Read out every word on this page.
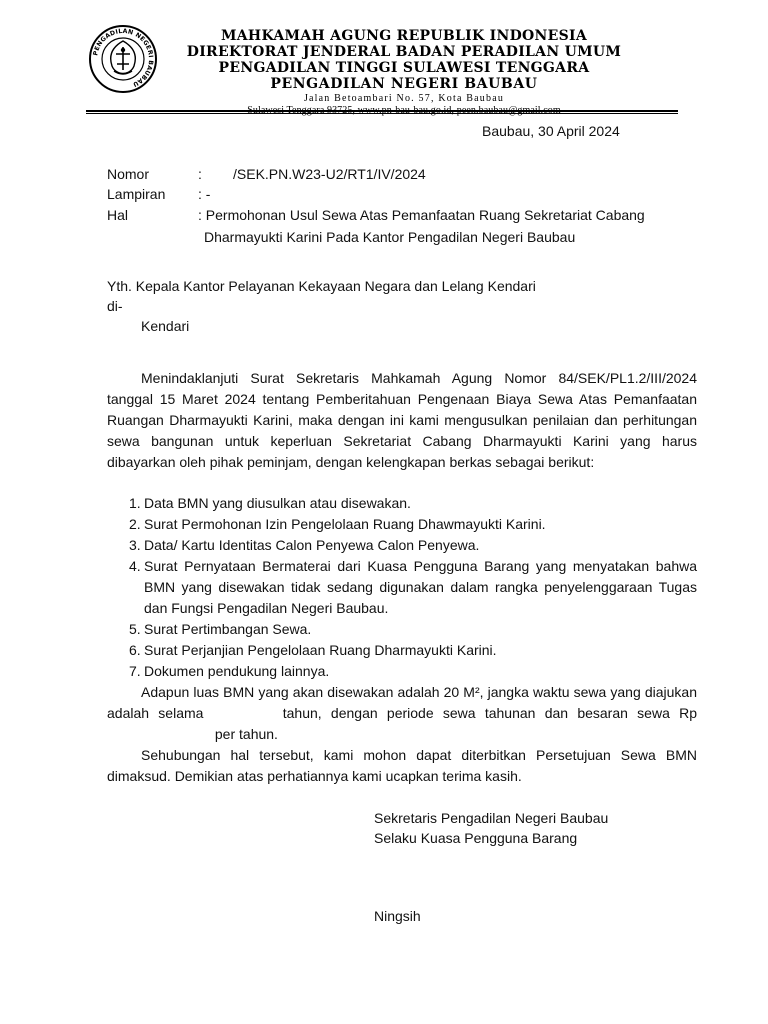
PENGADILAN NEGERI BAUBAU
MAHKAMAH AGUNG REPUBLIK INDONESIA
DIREKTORAT JENDERAL BADAN PERADILAN UMUM
PENGADILAN TINGGI SULAWESI TENGGARA
PENGADILAN NEGERI BAUBAU
Jalan Betoambari No. 57, Kota Baubau
Sulawesi Tenggara 93725, www.pn-bau-bau.go.id, peen.baubau@gmail.com
Baubau, 30 April 2024
Nomor	: /SEK.PN.W23-U2/RT1/IV/2024
Lampiran : -
Hal	: Permohonan Usul Sewa Atas Pemanfaatan Ruang Sekretariat Cabang
Dharmayukti Karini Pada Kantor Pengadilan Negeri Baubau
Yth. Kepala Kantor Pelayanan Kekayaan Negara dan Lelang Kendari
di-
Kendari
Menindaklanjuti Surat Sekretaris Mahkamah Agung Nomor 84/SEK/PL1.2/III/2024 tanggal 15 Maret 2024 tentang Pemberitahuan Pengenaan Biaya Sewa Atas Pemanfaatan Ruangan Dharmayukti Karini, maka dengan ini kami mengusulkan penilaian dan perhitungan sewa bangunan untuk keperluan Sekretariat Cabang Dharmayukti Karini yang harus dibayarkan oleh pihak peminjam, dengan kelengkapan berkas sebagai berikut:
1. Data BMN yang diusulkan atau disewakan.
2. Surat Permohonan Izin Pengelolaan Ruang Dhawmayukti Karini.
3. Data/ Kartu Identitas Calon Penyewa Calon Penyewa.
4. Surat Pernyataan Bermaterai dari Kuasa Pengguna Barang yang menyatakan bahwa BMN yang disewakan tidak sedang digunakan dalam rangka penyelenggaraan Tugas dan Fungsi Pengadilan Negeri Baubau.
5. Surat Pertimbangan Sewa.
6. Surat Perjanjian Pengelolaan Ruang Dharmayukti Karini.
7. Dokumen pendukung lainnya.
Adapun luas BMN yang akan disewakan adalah 20 M², jangka waktu sewa yang diajukan adalah selama	tahun, dengan periode sewa tahunan dan besaran sewa Rp per tahun.
Sehubungan hal tersebut, kami mohon dapat diterbitkan Persetujuan Sewa BMN dimaksud. Demikian atas perhatiannya kami ucapkan terima kasih.
Sekretaris Pengadilan Negeri Baubau
Selaku Kuasa Pengguna Barang
Ningsih
